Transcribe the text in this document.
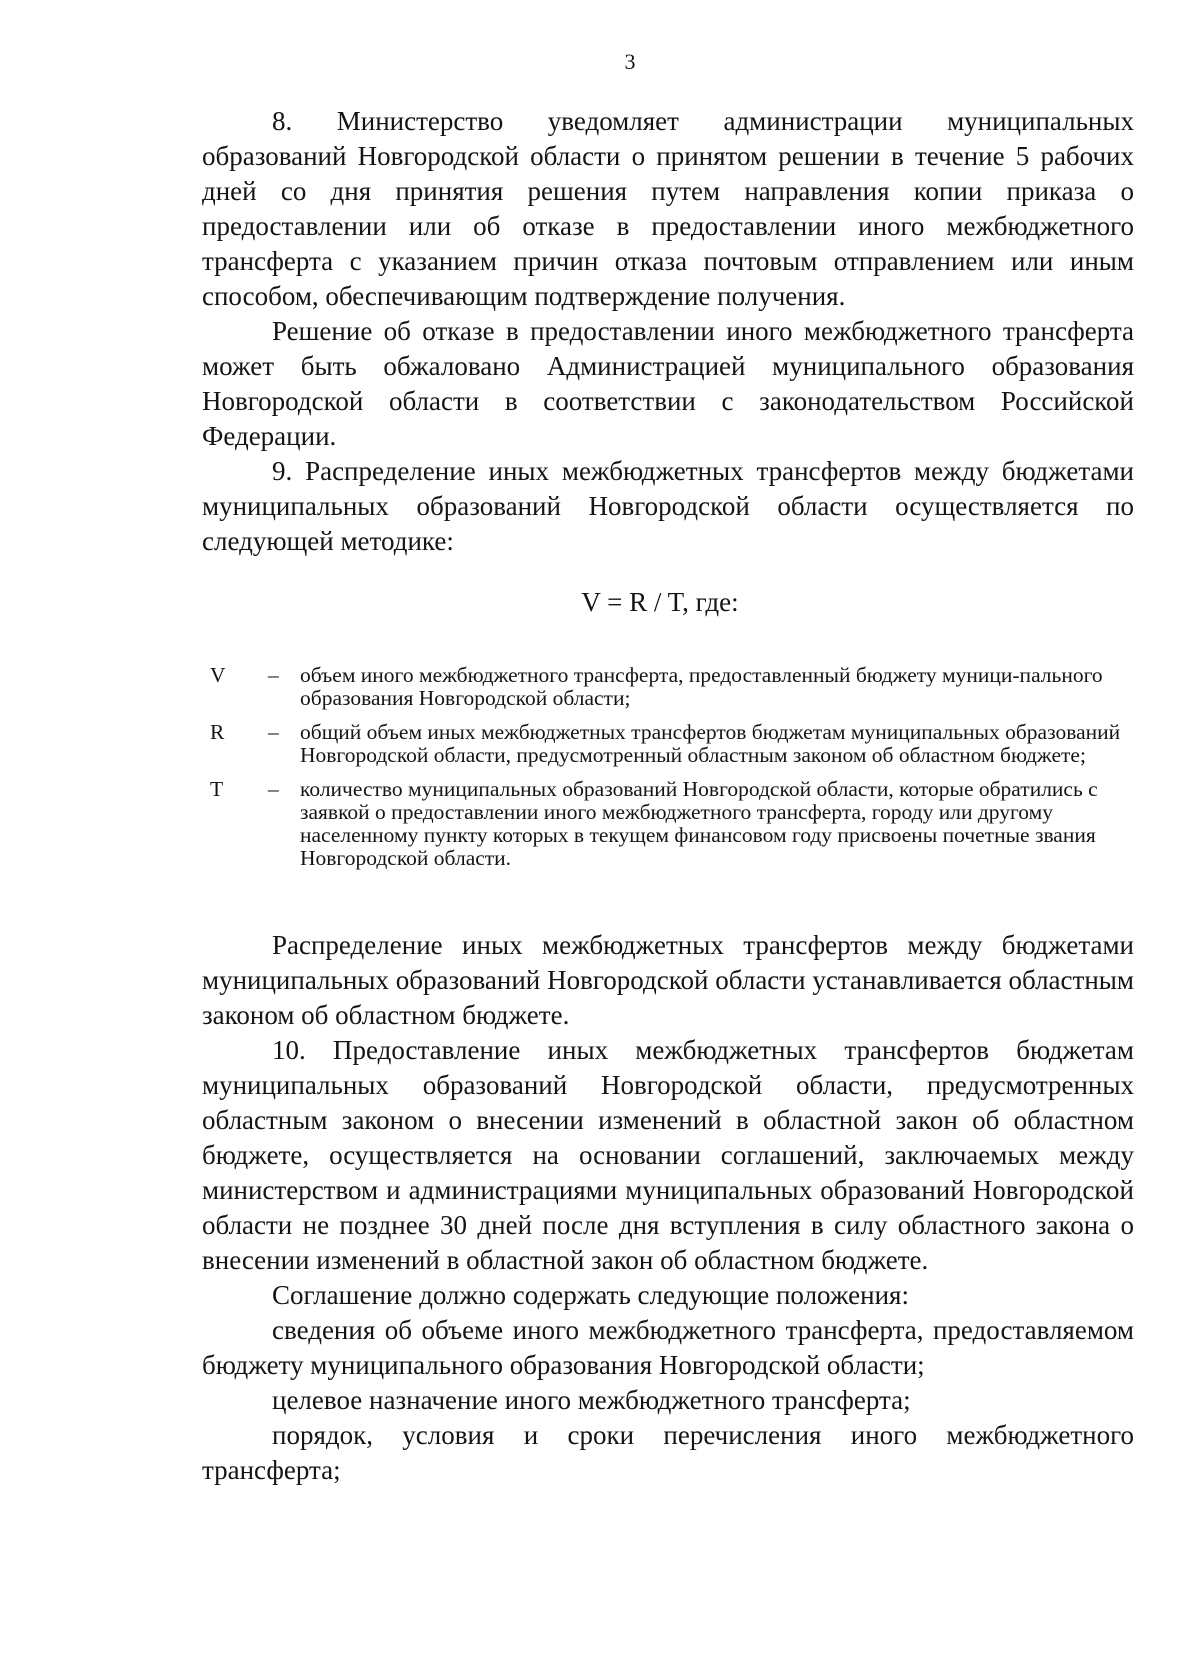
3

8. Министерство уведомляет администрации муниципальных образований Новгородской области о принятом решении в течение 5 рабочих дней со дня принятия решения путем направления копии приказа о предоставлении или об отказе в предоставлении иного межбюджетного трансферта с указанием причин отказа почтовым отправлением или иным способом, обеспечивающим подтверждение получения.

Решение об отказе в предоставлении иного межбюджетного трансферта может быть обжаловано Администрацией муниципального образования Новгородской области в соответствии с законодательством Российской Федерации.

9. Распределение иных межбюджетных трансфертов между бюджетами муниципальных образований Новгородской области осуществляется по следующей методике:

V = R / T, где:
V	– объем иного межбюджетного трансферта, предоставленный бюджету муници-пального образования Новгородской области;
R	– общий объем иных межбюджетных трансфертов бюджетам муниципальных образований Новгородской области, предусмотренный областным законом об областном бюджете;
T	– количество муниципальных образований Новгородской области, которые обратились с заявкой о предоставлении иного межбюджетного трансферта, городу или другому населенному пункту которых в текущем финансовом году присвоены почетные звания Новгородской области.

Распределение иных межбюджетных трансфертов между бюджетами муниципальных образований Новгородской области устанавливается областным законом об областном бюджете.

10. Предоставление иных межбюджетных трансфертов бюджетам муниципальных образований Новгородской области, предусмотренных областным законом о внесении изменений в областной закон об областном бюджете, осуществляется на основании соглашений, заключаемых между министерством и администрациями муниципальных образований Новгородской области не позднее 30 дней после дня вступления в силу областного закона о внесении изменений в областной закон об областном бюджете.

Соглашение должно содержать следующие положения:

сведения об объеме иного межбюджетного трансферта, предоставляемом бюджету муниципального образования Новгородской области;

целевое назначение иного межбюджетного трансферта;

порядок, условия и сроки перечисления иного межбюджетного трансферта;
